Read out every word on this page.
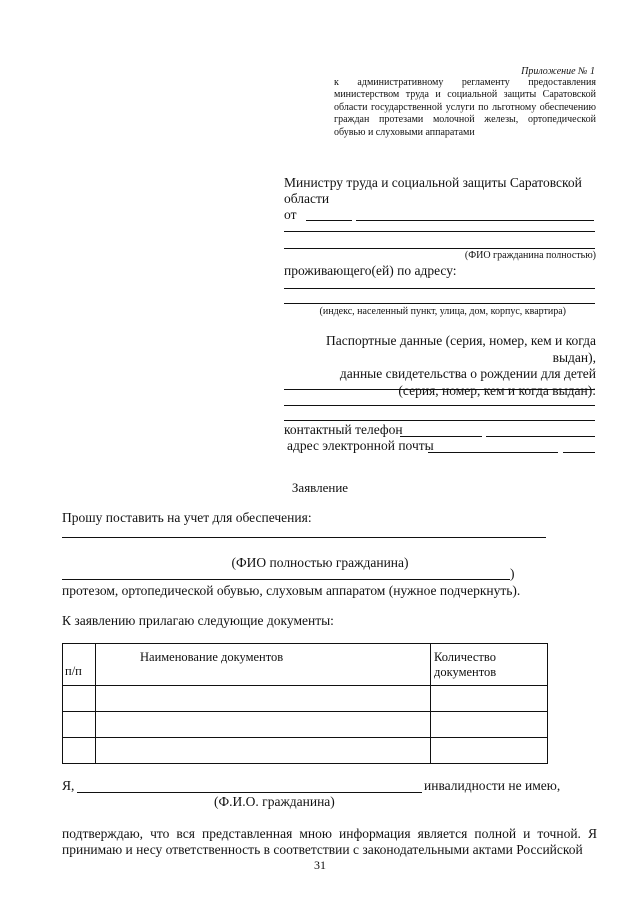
Приложение № 1
к административному регламенту предоставления министерством труда и социальной защиты Саратовской области государственной услуги по льготному обеспечению граждан протезами молочной железы, ортопедической обувью и слуховыми аппаратами
Министру труда и социальной защиты Саратовской области
от
(ФИО гражданина полностью)
проживающего(ей) по адресу:
(индекс, населенный пункт, улица, дом, корпус, квартира)
Паспортные данные (серия, номер, кем и когда выдан),
данные свидетельства о рождении для детей
(серия, номер, кем и когда выдан):
контактный телефон
адрес электронной почты
Заявление
Прошу поставить на учет для обеспечения:
(ФИО полностью гражданина)
)
протезом, ортопедической обувью, слуховым аппаратом (нужное подчеркнуть).
К заявлению прилагаю следующие документы:
п/п	Наименование документов	Количество документов

Я,	инвалидности не имею,
(Ф.И.О. гражданина)
подтверждаю, что вся представленная мною информация является полной и точной. Я принимаю и несу ответственность в соответствии с законодательными актами Российской
31
